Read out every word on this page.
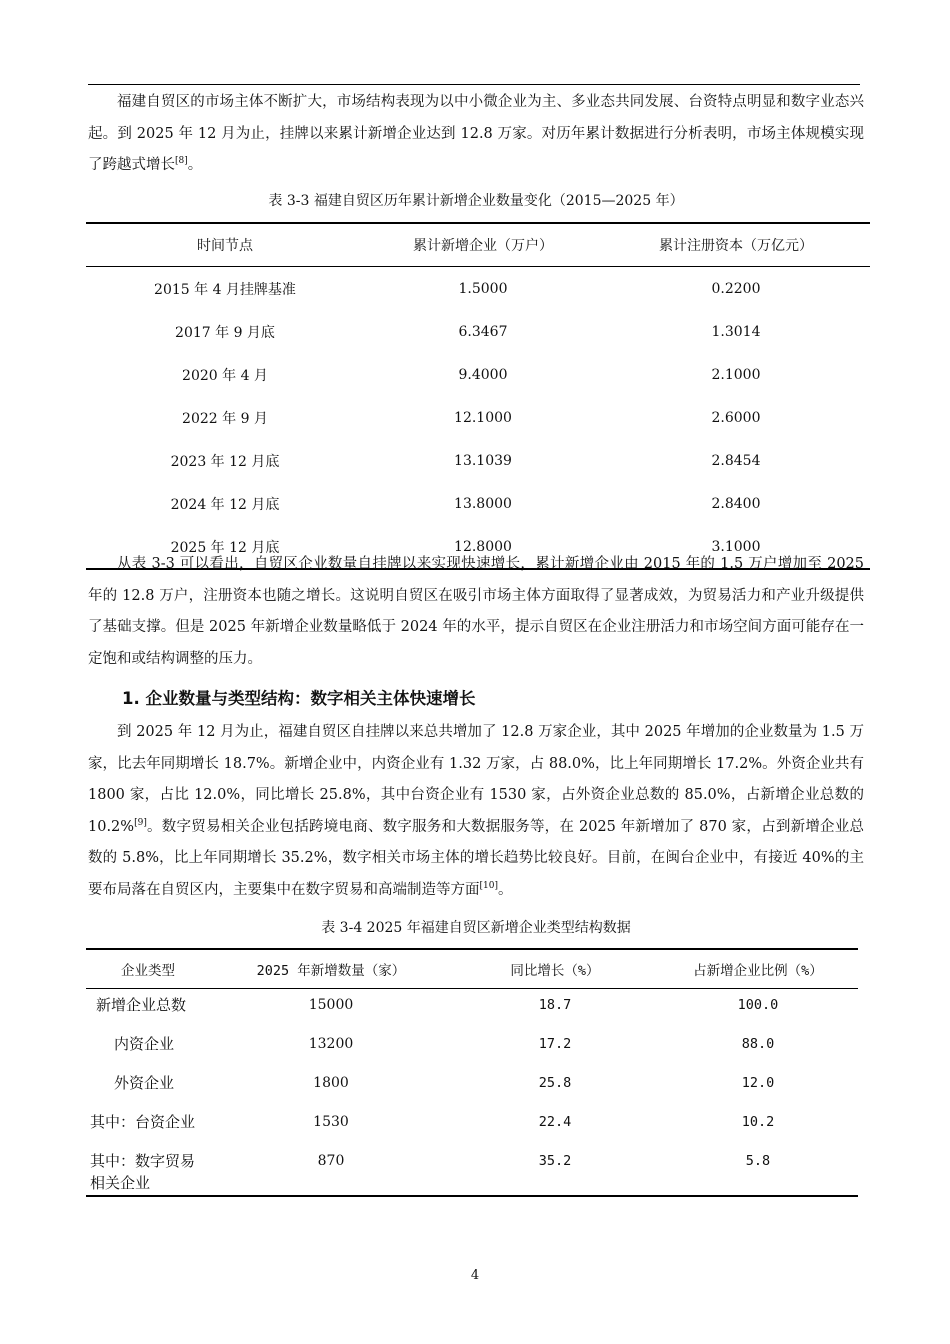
福建自贸区的市场主体不断扩大，市场结构表现为以中小微企业为主、多业态共同发展、台资特点明显和数字业态兴起。到 2025 年 12 月为止，挂牌以来累计新增企业达到 12.8 万家。对历年累计数据进行分析表明，市场主体规模实现了跨越式增长[8]。

表 3-3 福建自贸区历年累计新增企业数量变化（2015—2025 年）
时间节点	累计新增企业（万户）	累计注册资本（万亿元）
2015 年 4 月挂牌基准	1.5000	0.2200
2017 年 9 月底	6.3467	1.3014
2020 年 4 月	9.4000	2.1000
2022 年 9 月	12.1000	2.6000
2023 年 12 月底	13.1039	2.8454
2024 年 12 月底	13.8000	2.8400
2025 年 12 月底	12.8000	3.1000

从表 3-3 可以看出，自贸区企业数量自挂牌以来实现快速增长，累计新增企业由 2015 年的 1.5 万户增加至 2025 年的 12.8 万户，注册资本也随之增长。这说明自贸区在吸引市场主体方面取得了显著成效，为贸易活力和产业升级提供了基础支撑。但是 2025 年新增企业数量略低于 2024 年的水平，提示自贸区在企业注册活力和市场空间方面可能存在一定饱和或结构调整的压力。

1. 企业数量与类型结构：数字相关主体快速增长

到 2025 年 12 月为止，福建自贸区自挂牌以来总共增加了 12.8 万家企业，其中 2025 年增加的企业数量为 1.5 万家，比去年同期增长 18.7%。新增企业中，内资企业有 1.32 万家，占 88.0%，比上年同期增长 17.2%。外资企业共有 1800 家，占比 12.0%，同比增长 25.8%，其中台资企业有 1530 家，占外资企业总数的 85.0%，占新增企业总数的 10.2%[9]。数字贸易相关企业包括跨境电商、数字服务和大数据服务等，在 2025 年新增加了 870 家，占到新增企业总数的 5.8%，比上年同期增长 35.2%，数字相关市场主体的增长趋势比较良好。目前，在闽台企业中，有接近 40%的主要布局落在自贸区内，主要集中在数字贸易和高端制造等方面[10]。

表 3-4 2025 年福建自贸区新增企业类型结构数据
企业类型	2025 年新增数量（家）	同比增长（%）	占新增企业比例（%）
新增企业总数	15000	18.7	100.0
内资企业	13200	17.2	88.0
外资企业	1800	25.8	12.0
其中：台资企业	1530	22.4	10.2
其中：数字贸易相关企业	870	35.2	5.8
4
